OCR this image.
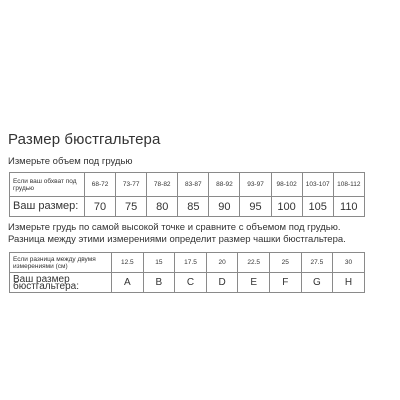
Размер бюстгальтера
Измерьте объем под грудью
Если ваш обхват под грудью	68-72	73-77	78-82	83-87	88-92	93-97	98-102	103-107	108-112
Ваш размер:	70	75	80	85	90	95	100	105	110
Измерьте грудь по самой высокой точке и сравните с объемом под грудью.
Разница между этими измерениями определит размер чашки бюстгальтера.
Если разница между двумя измерениями (см)	12.5	15	17.5	20	22.5	25	27.5	30
Ваш размер бюстгальтера:	A	B	C	D	E	F	G	H
